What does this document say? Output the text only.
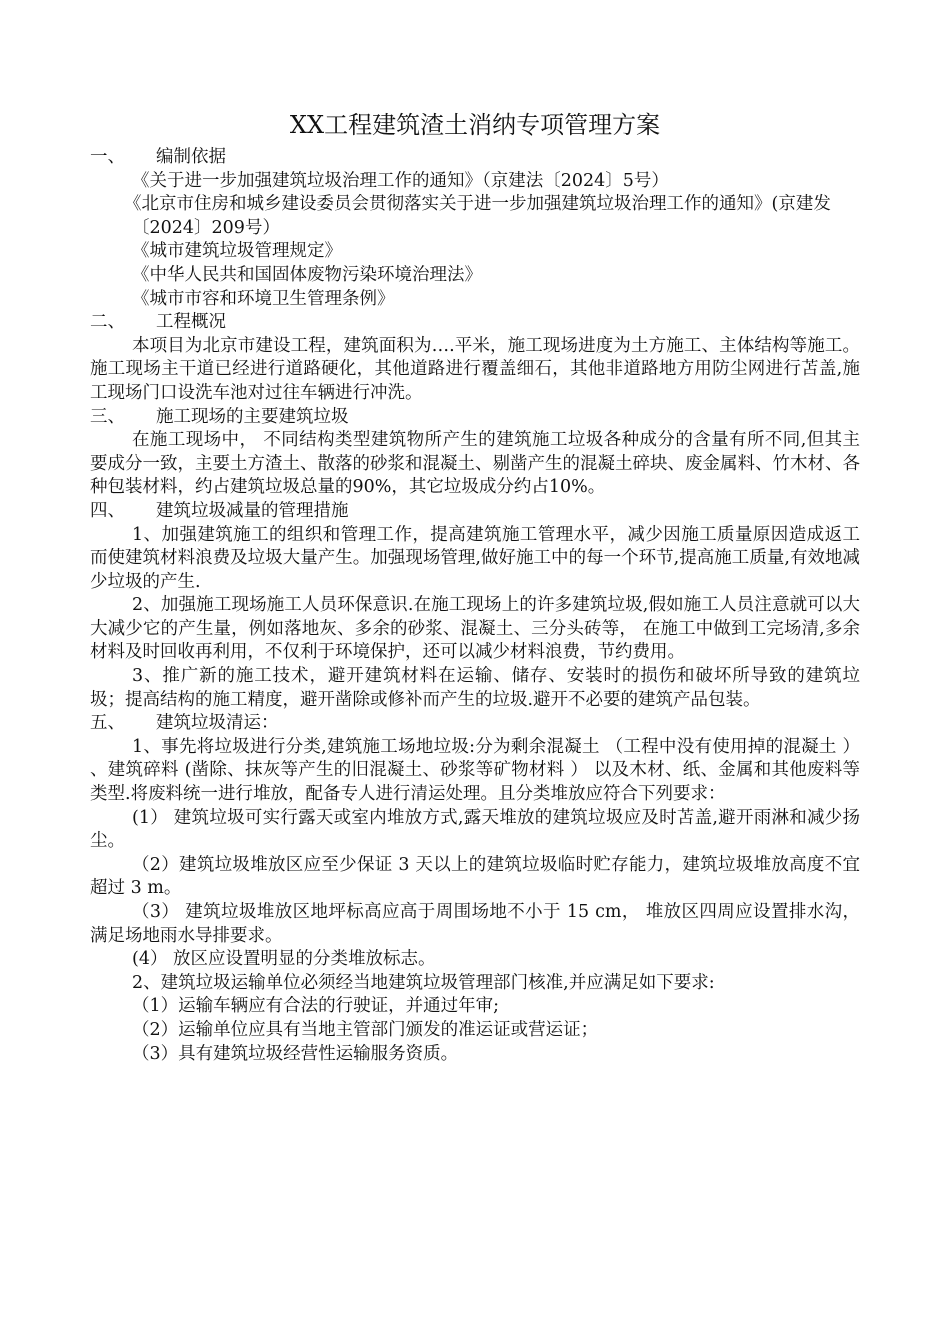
XX工程建筑渣土消纳专项管理方案
一、	编制依据
《关于进一步加强建筑垃圾治理工作的通知》（京建法〔2024〕5号）
《北京市住房和城乡建设委员会贯彻落实关于进一步加强建筑垃圾治理工作的通知》(京建发〔2024〕209号）
《城市建筑垃圾管理规定》
《中华人民共和国固体废物污染环境治理法》
《城市市容和环境卫生管理条例》
二、	工程概况
本项目为北京市建设工程，建筑面积为….平米，施工现场进度为土方施工、主体结构等施工。施工现场主干道已经进行道路硬化，其他道路进行覆盖细石，其他非道路地方用防尘网进行苫盖,施工现场门口设洗车池对过往车辆进行冲洗。
三、	施工现场的主要建筑垃圾
在施工现场中， 不同结构类型建筑物所产生的建筑施工垃圾各种成分的含量有所不同,但其主要成分一致，主要土方渣土、散落的砂浆和混凝土、剔凿产生的混凝土碎块、废金属料、竹木材、各种包装材料，约占建筑垃圾总量的90%，其它垃圾成分约占10%。
四、	建筑垃圾减量的管理措施
1、加强建筑施工的组织和管理工作，提高建筑施工管理水平，减少因施工质量原因造成返工而使建筑材料浪费及垃圾大量产生。加强现场管理,做好施工中的每一个环节,提高施工质量,有效地减少垃圾的产生.
2、加强施工现场施工人员环保意识.在施工现场上的许多建筑垃圾,假如施工人员注意就可以大大减少它的产生量，例如落地灰、多余的砂浆、混凝土、三分头砖等， 在施工中做到工完场清,多余材料及时回收再利用，不仅利于环境保护，还可以减少材料浪费，节约费用。
3、推广新的施工技术，避开建筑材料在运输、储存、安装时的损伤和破坏所导致的建筑垃圾；提高结构的施工精度，避开凿除或修补而产生的垃圾.避开不必要的建筑产品包装。
五、	建筑垃圾清运：
1、事先将垃圾进行分类,建筑施工场地垃圾:分为剩余混凝土 （工程中没有使用掉的混凝土 ） 、建筑碎料 (凿除、抹灰等产生的旧混凝土、砂浆等矿物材料 ） 以及木材、纸、金属和其他废料等类型.将废料统一进行堆放，配备专人进行清运处理。且分类堆放应符合下列要求：
(1） 建筑垃圾可实行露天或室内堆放方式,露天堆放的建筑垃圾应及时苫盖,避开雨淋和减少扬尘。
（2）建筑垃圾堆放区应至少保证 3 天以上的建筑垃圾临时贮存能力，建筑垃圾堆放高度不宜超过 3 m。
（3） 建筑垃圾堆放区地坪标高应高于周围场地不小于 15 cm， 堆放区四周应设置排水沟，满足场地雨水导排要求。
(4） 放区应设置明显的分类堆放标志。
2、建筑垃圾运输单位必须经当地建筑垃圾管理部门核准,并应满足如下要求:
（1）运输车辆应有合法的行驶证，并通过年审;
（2）运输单位应具有当地主管部门颁发的准运证或营运证；
（3）具有建筑垃圾经营性运输服务资质。
